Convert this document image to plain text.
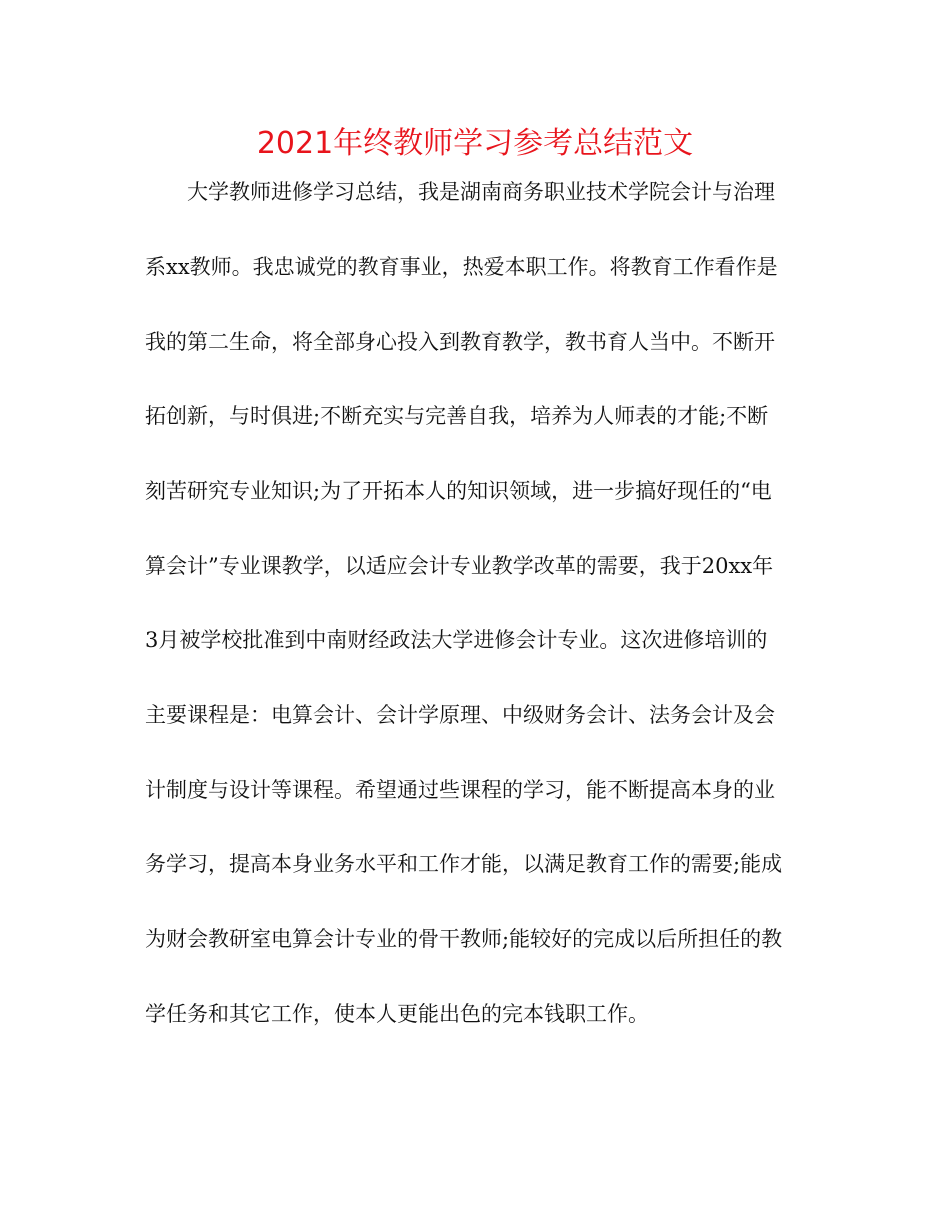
2021年终教师学习参考总结范文
大学教师进修学习总结，我是湖南商务职业技术学院会计与治理
系xx教师。我忠诚党的教育事业，热爱本职工作。将教育工作看作是
我的第二生命，将全部身心投入到教育教学，教书育人当中。不断开
拓创新，与时俱进;不断充实与完善自我，培养为人师表的才能;不断
刻苦研究专业知识;为了开拓本人的知识领域，进一步搞好现任的“电
算会计”专业课教学，以适应会计专业教学改革的需要，我于20xx年
3月被学校批准到中南财经政法大学进修会计专业。这次进修培训的
主要课程是：电算会计、会计学原理、中级财务会计、法务会计及会
计制度与设计等课程。希望通过些课程的学习，能不断提高本身的业
务学习，提高本身业务水平和工作才能，以满足教育工作的需要;能成
为财会教研室电算会计专业的骨干教师;能较好的完成以后所担任的教
学任务和其它工作，使本人更能出色的完本钱职工作。
